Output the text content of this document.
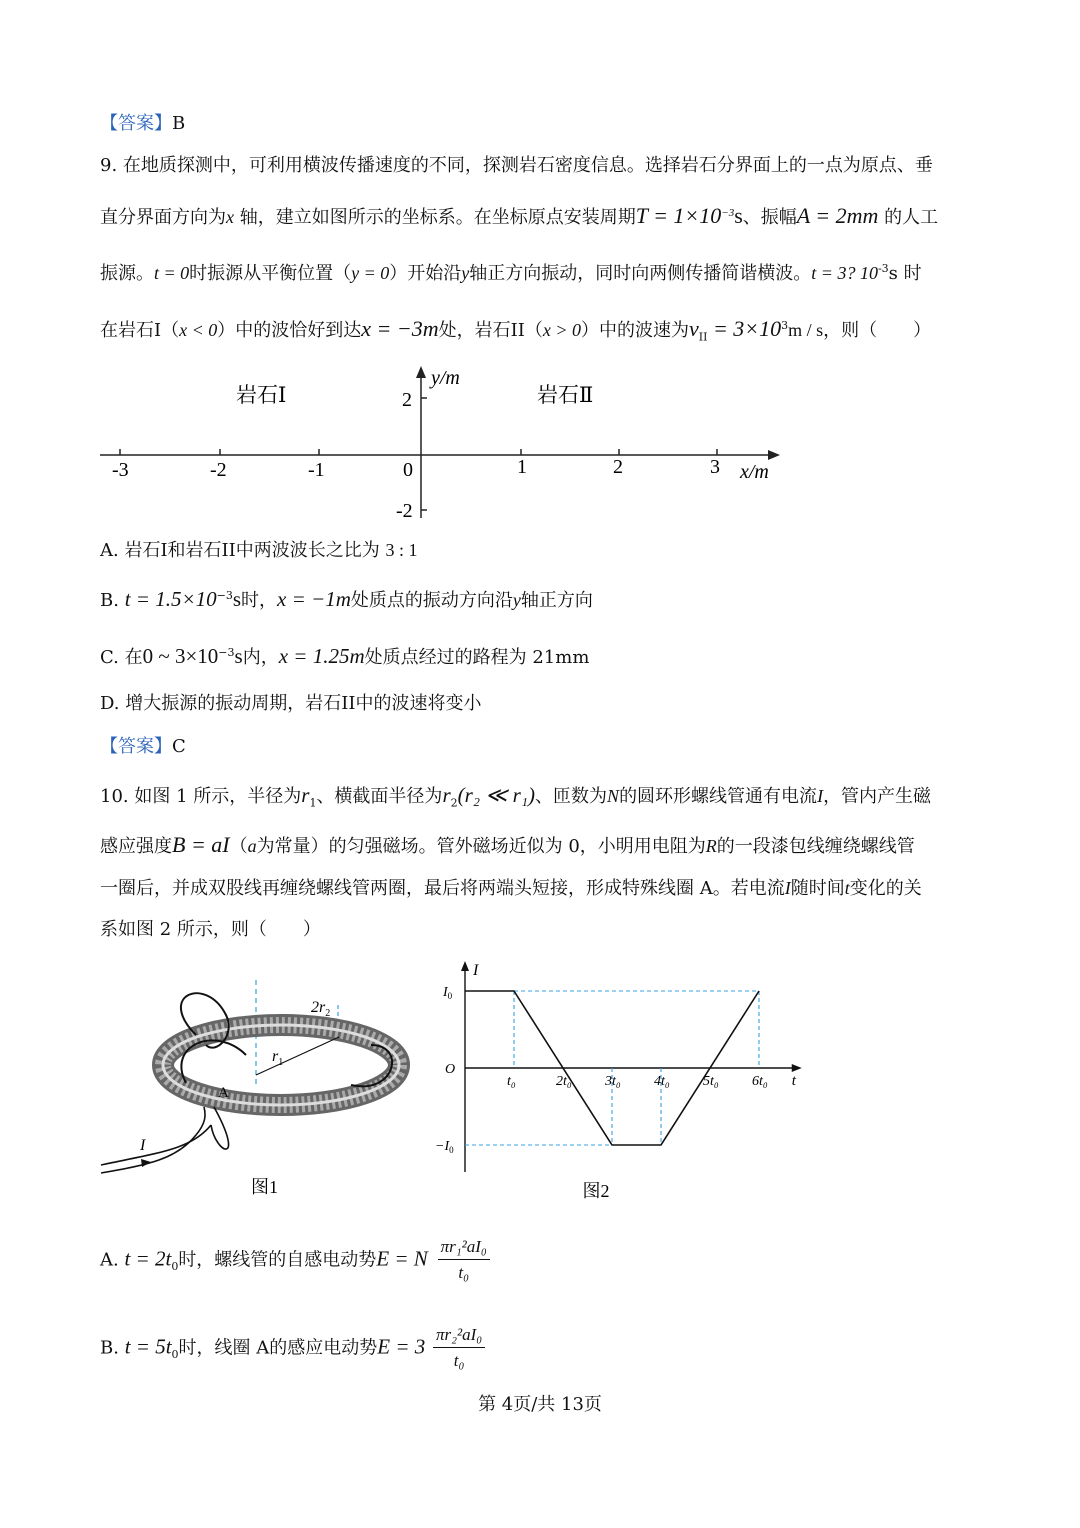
【答案】B
9. 在地质探测中，可利用横波传播速度的不同，探测岩石密度信息。选择岩石分界面上的一点为原点、垂
直分界面方向为x 轴，建立如图所示的坐标系。在坐标原点安装周期$T = 1\times 10^{-3}s$、振幅A = 2mm 的人工
振源。t = 0时振源从平衡位置（y = 0）开始沿y轴正方向振动，同时向两侧传播简谐横波。t = 3? $10^{-3}s$ 时
在岩石I（x < 0）中的波恰好到达x = −3m处，岩石II（x > 0）中的波速为$v_{II} = 3\times 10^3m / s$，则（　　）
-3	-2	-1	0	1	2	3
2
-2
y/m
x/m
岩石Ⅰ	岩石Ⅱ
A. 岩石I和岩石II中两波波长之比为 3 : 1
B. $t = 1.5\times 10^{-3}s$时，x = −1m处质点的振动方向沿y轴正方向
C. 在0 ~ $3\times 10^{-3}s$内，x = 1.25m处质点经过的路程为 21mm
D. 增大振源的振动周期，岩石II中的波速将变小
【答案】C
10. 如图 1 所示，半径为$r_1$、横截面半径为$r_2(r_2$ ≪ r₁)、匝数为N的圆环形螺线管通有电流I，管内产生磁
感应强度B = aI（a为常量）的匀强磁场。管外磁场近似为 0，小明用电阻为R的一段漆包线缠绕螺线管
一圈后，并成双股线再缠绕螺线管两圈，最后将两端头短接，形成特殊线圈 A。若电流I随时间t变化的关
系如图 2 所示，则（　　）
$r_1$
$2r_2$
A
I
图1
t₀	2t₀ 3t₀ 4t₀ 5t₀ 6t₀ t
I
O
$I_0$
$-I_0$
图2
A. $t = 2t_0$时，螺线管的自感电动势E = N $\frac{\text{πr₁²aI₀}}{\text{t₀}}$
B. $t = 5t_0$时，线圈 A的感应电动势$E = 3 \frac{\text{πr₂²aI₀}}{\text{t₀}}$
第 4页/共 13页
